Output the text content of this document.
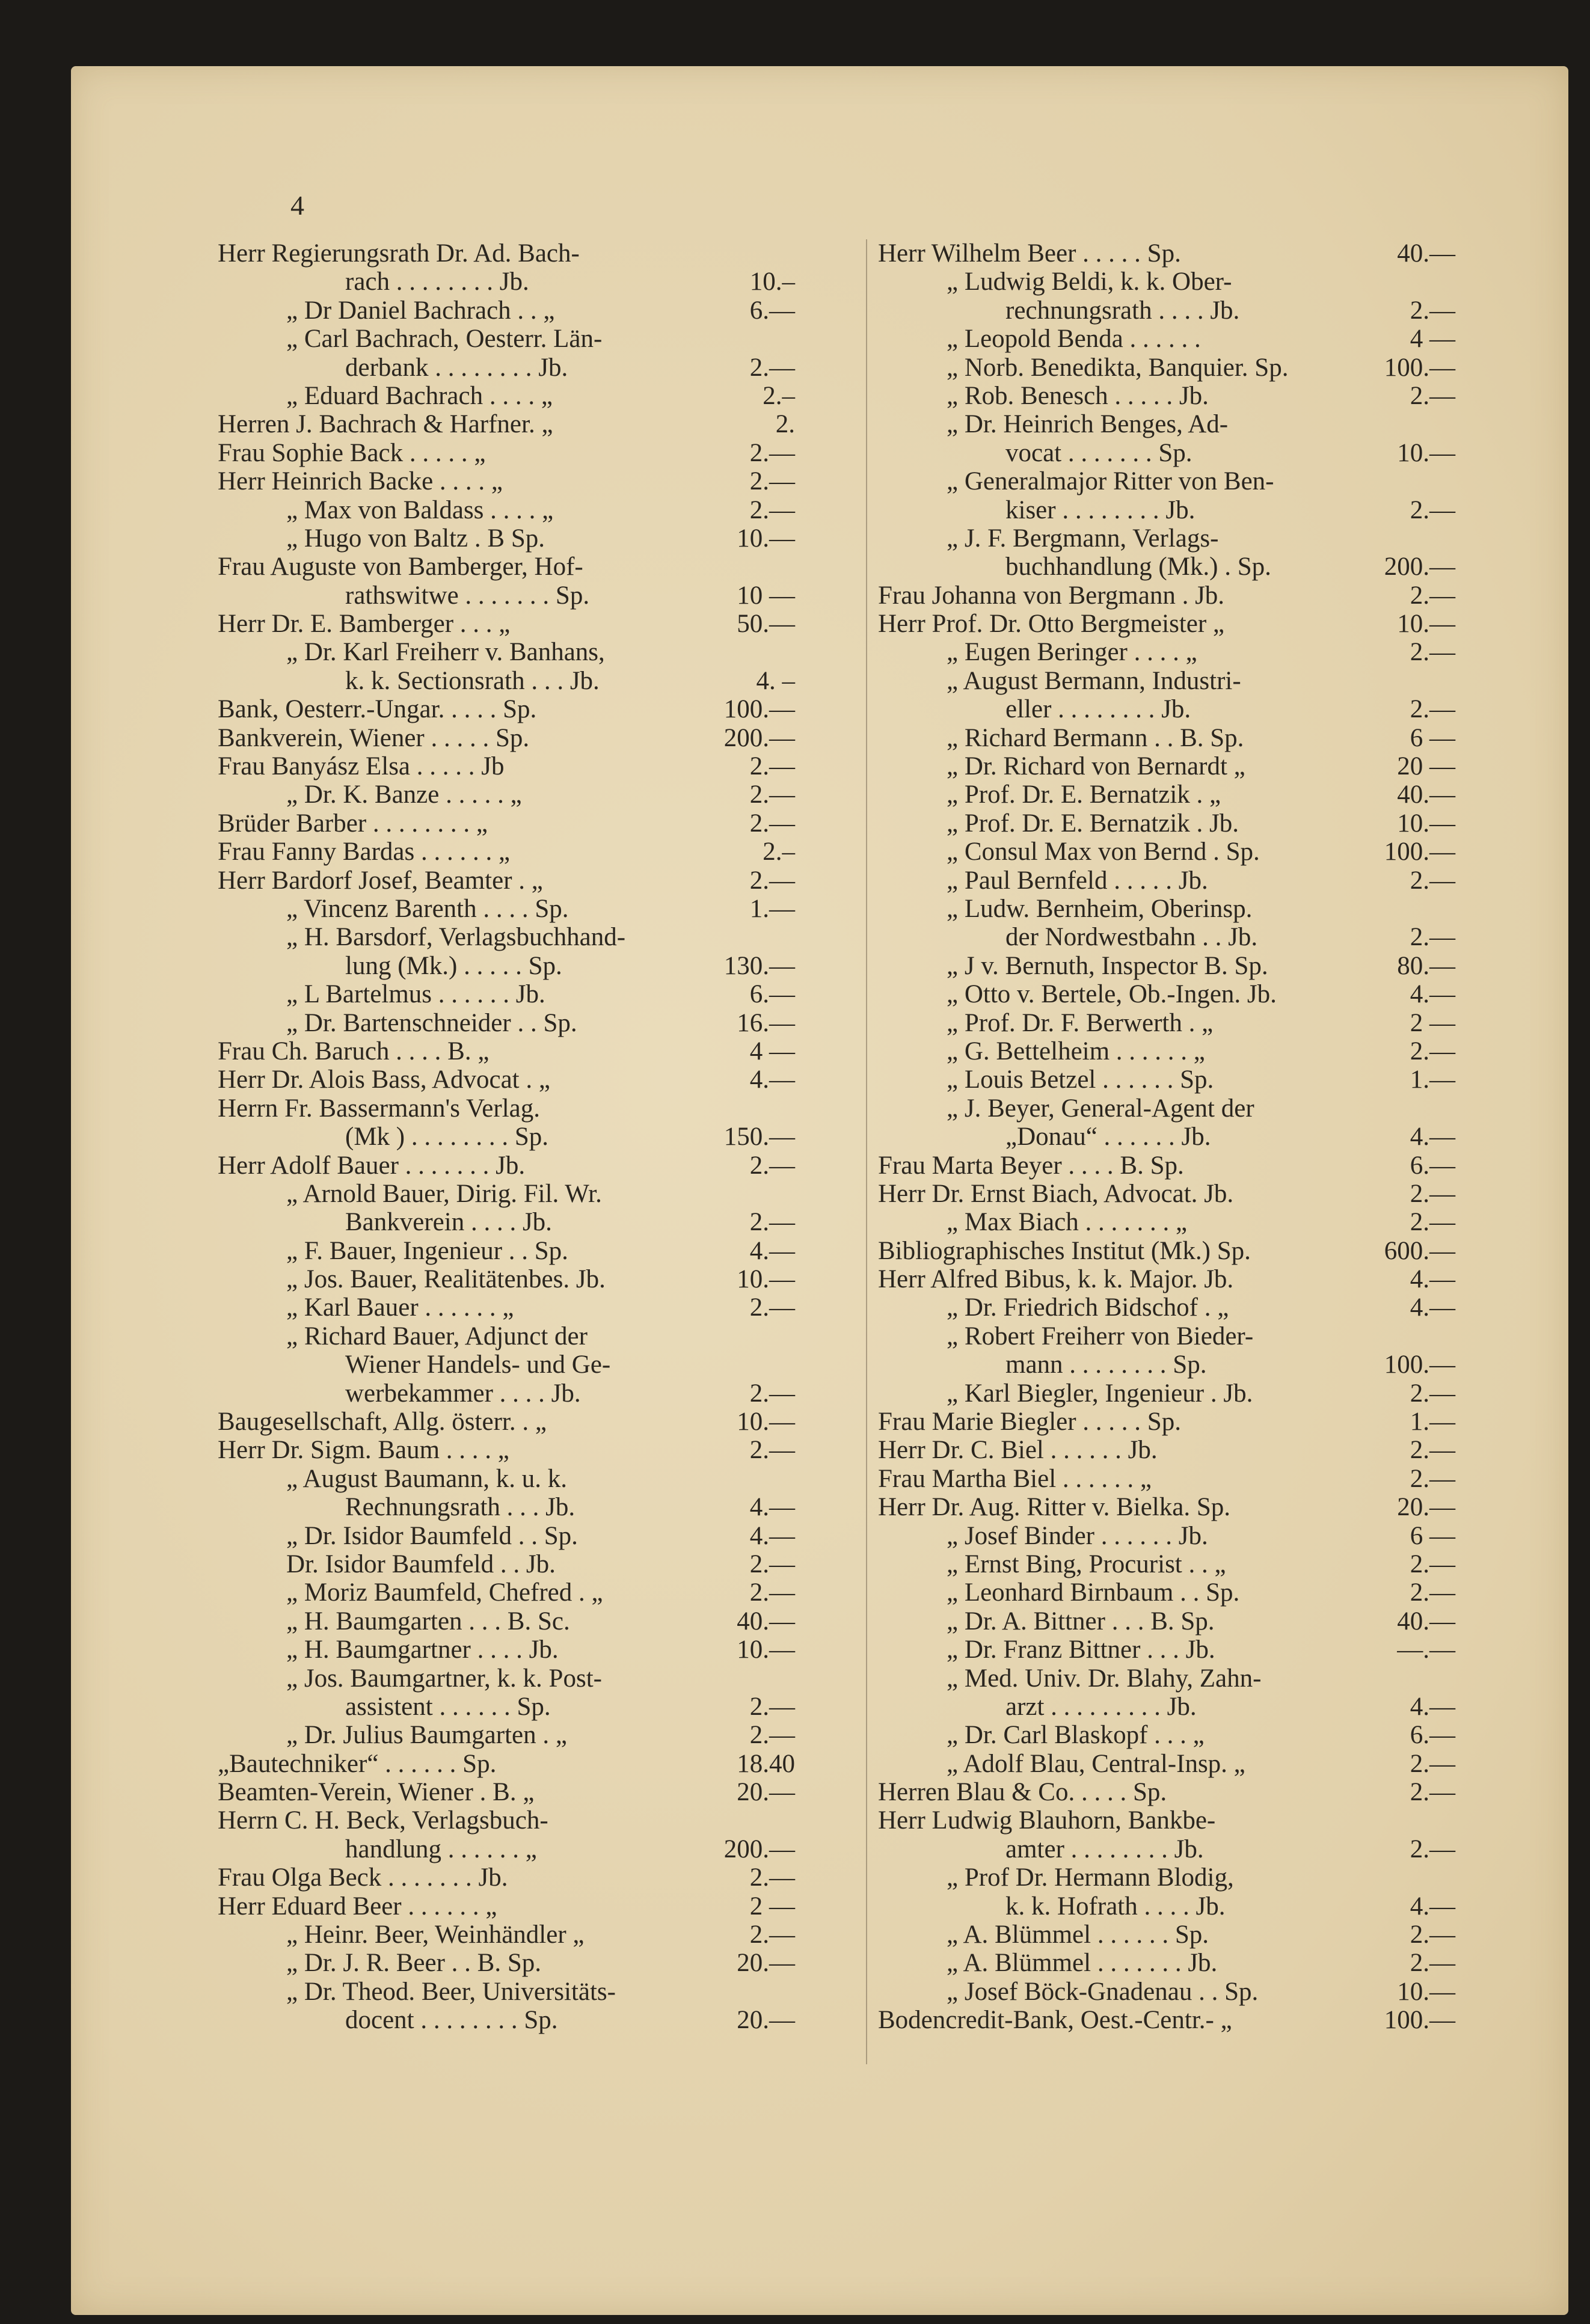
4
Herr Regierungsrath Dr. Ad. Bach-
rach . . . . . . . . Jb.	10.–
„ Dr Daniel Bachrach . . „	6.—
„ Carl Bachrach, Oesterr. Län-
derbank . . . . . . . . Jb.	2.—
„ Eduard Bachrach . . . . „	2.–
Herren J. Bachrach & Harfner. „	2.
Frau Sophie Back . . . . . „	2.—
Herr Heinrich Backe . . . . „	2.—
„ Max von Baldass . . . . „	2.—
„ Hugo von Baltz . B Sp.	10.—
Frau Auguste von Bamberger, Hof-
rathswitwe . . . . . . . Sp.	10 —
Herr Dr. E. Bamberger . . . „	50.—
„ Dr. Karl Freiherr v. Banhans,
k. k. Sectionsrath . . . Jb.	4. –
Bank, Oesterr.-Ungar. . . . . Sp.	100.—
Bankverein, Wiener . . . . . Sp.	200.—
Frau Banyász Elsa . . . . . Jb	2.—
„ Dr. K. Banze . . . . . „	2.—
Brüder Barber . . . . . . . . „	2.—
Frau Fanny Bardas . . . . . . „	2.–
Herr Bardorf Josef, Beamter . „	2.—
„ Vincenz Barenth . . . . Sp.	1.—
„ H. Barsdorf, Verlagsbuchhand-
lung (Mk.) . . . . . Sp.	130.—
„ L Bartelmus . . . . . . Jb.	6.—
„ Dr. Bartenschneider . . Sp.	16.—
Frau Ch. Baruch . . . . B. „	4 —
Herr Dr. Alois Bass, Advocat . „	4.—
Herrn Fr. Bassermann's Verlag.
(Mk ) . . . . . . . . Sp.	150.—
Herr Adolf Bauer . . . . . . . Jb.	2.—
„ Arnold Bauer, Dirig. Fil. Wr.
Bankverein . . . . Jb.	2.—
„ F. Bauer, Ingenieur . . Sp.	4.—
„ Jos. Bauer, Realitätenbes. Jb.	10.—
„ Karl Bauer . . . . . . „	2.—
„ Richard Bauer, Adjunct der
Wiener Handels- und Ge-
werbekammer . . . . Jb.	2.—
Baugesellschaft, Allg. österr. . „	10.—
Herr Dr. Sigm. Baum . . . . „	2.—
„ August Baumann, k. u. k.
Rechnungsrath . . . Jb.	4.—
„ Dr. Isidor Baumfeld . . Sp.	4.—
Dr. Isidor Baumfeld . . Jb.	2.—
„ Moriz Baumfeld, Chefred . „	2.—
„ H. Baumgarten . . . B. Sc.	40.—
„ H. Baumgartner . . . . Jb.	10.—
„ Jos. Baumgartner, k. k. Post-
assistent . . . . . . Sp.	2.—
„ Dr. Julius Baumgarten . „	2.—
„Bautechniker“ . . . . . . Sp.	18.40
Beamten-Verein, Wiener . B. „	20.—
Herrn C. H. Beck, Verlagsbuch-
handlung . . . . . . „	200.—
Frau Olga Beck . . . . . . . Jb.	2.—
Herr Eduard Beer . . . . . . „	2 —
„ Heinr. Beer, Weinhändler „	2.—
„ Dr. J. R. Beer . . B. Sp.	20.—
„ Dr. Theod. Beer, Universitäts-
docent . . . . . . . . Sp.	20.—
Herr Wilhelm Beer . . . . . Sp.	40.—
„ Ludwig Beldi, k. k. Ober-
rechnungsrath . . . . Jb.	2.—
„ Leopold Benda . . . . . .	4 —
„ Norb. Benedikta, Banquier. Sp.	100.—
„ Rob. Benesch . . . . . Jb.	2.—
„ Dr. Heinrich Benges, Ad-
vocat . . . . . . . Sp.	10.—
„ Generalmajor Ritter von Ben-
kiser . . . . . . . . Jb.	2.—
„ J. F. Bergmann, Verlags-
buchhandlung (Mk.) . Sp.	200.—
Frau Johanna von Bergmann . Jb.	2.—
Herr Prof. Dr. Otto Bergmeister „	10.—
„ Eugen Beringer . . . . „	2.—
„ August Bermann, Industri-
eller . . . . . . . . Jb.	2.—
„ Richard Bermann . . B. Sp.	6 —
„ Dr. Richard von Bernardt „	20 —
„ Prof. Dr. E. Bernatzik . „	40.—
„ Prof. Dr. E. Bernatzik . Jb.	10.—
„ Consul Max von Bernd . Sp.	100.—
„ Paul Bernfeld . . . . . Jb.	2.—
„ Ludw. Bernheim, Oberinsp.
der Nordwestbahn . . Jb.	2.—
„ J v. Bernuth, Inspector B. Sp.	80.—
„ Otto v. Bertele, Ob.-Ingen. Jb.	4.—
„ Prof. Dr. F. Berwerth . „	2 —
„ G. Bettelheim . . . . . . „	2.—
„ Louis Betzel . . . . . . Sp.	1.—
„ J. Beyer, General-Agent der
„Donau“ . . . . . . Jb.	4.—
Frau Marta Beyer . . . . B. Sp.	6.—
Herr Dr. Ernst Biach, Advocat. Jb.	2.—
„ Max Biach . . . . . . . „	2.—
Bibliographisches Institut (Mk.) Sp.	600.—
Herr Alfred Bibus, k. k. Major. Jb.	4.—
„ Dr. Friedrich Bidschof . „	4.—
„ Robert Freiherr von Bieder-
mann . . . . . . . . Sp.	100.—
„ Karl Biegler, Ingenieur . Jb.	2.—
Frau Marie Biegler . . . . . Sp.	1.—
Herr Dr. C. Biel . . . . . . Jb.	2.—
Frau Martha Biel . . . . . . „	2.—
Herr Dr. Aug. Ritter v. Bielka. Sp.	20.—
„ Josef Binder . . . . . . Jb.	6 —
„ Ernst Bing, Procurist . . „	2.—
„ Leonhard Birnbaum . . Sp.	2.—
„ Dr. A. Bittner . . . B. Sp.	40.—
„ Dr. Franz Bittner . . . Jb.	—.—
„ Med. Univ. Dr. Blahy, Zahn-
arzt . . . . . . . . . Jb.	4.—
„ Dr. Carl Blaskopf . . . „	6.—
„ Adolf Blau, Central-Insp. „	2.—
Herren Blau & Co. . . . . Sp.	2.—
Herr Ludwig Blauhorn, Bankbe-
amter . . . . . . . . Jb.	2.—
„ Prof Dr. Hermann Blodig,
k. k. Hofrath . . . . Jb.	4.—
„ A. Blümmel . . . . . . Sp.	2.—
„ A. Blümmel . . . . . . . Jb.	2.—
„ Josef Böck-Gnadenau . . Sp.	10.—
Bodencredit-Bank, Oest.-Centr.- „	100.—
